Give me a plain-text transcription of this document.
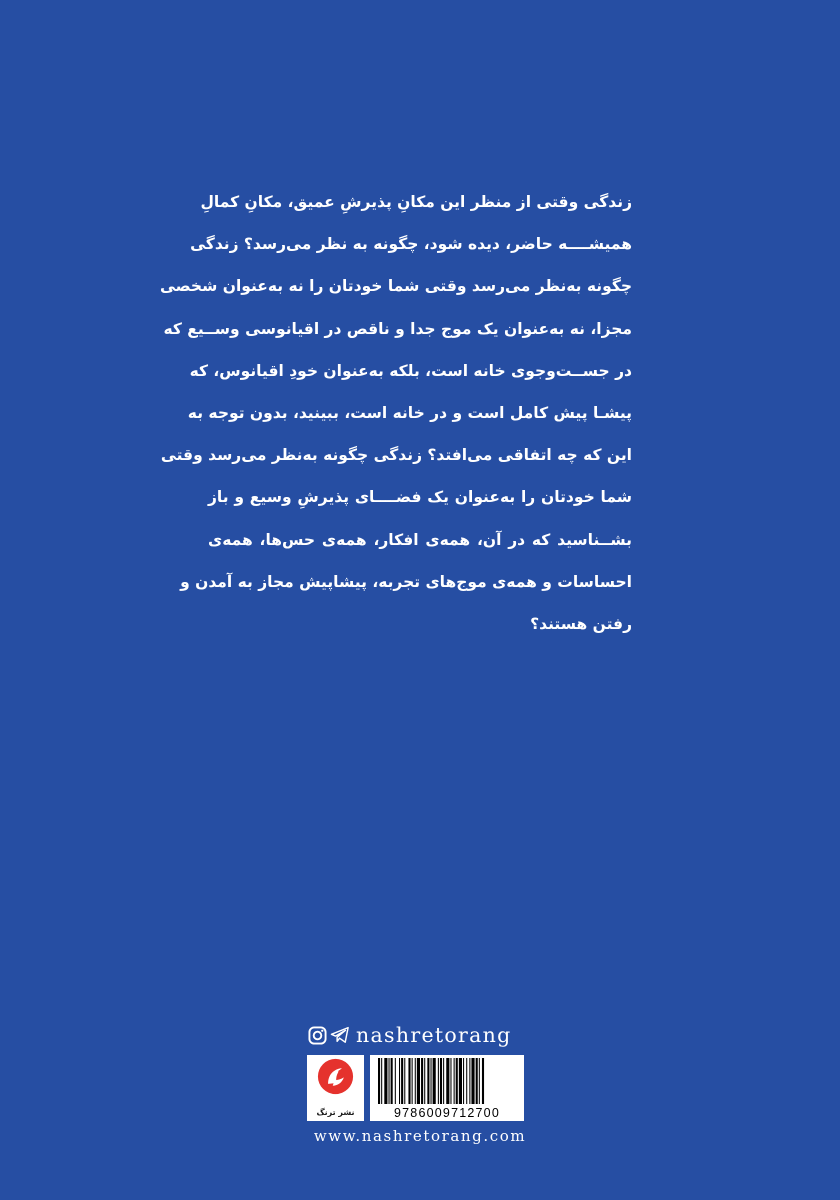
زندگی وقتی از منظر این مکانِ پذیرشِ عمیق، مکانِ کمالِ
همیشــــه حاضر، دیده شود، چگونه به نظر می‌رسد؟ زندگی
چگونه به‌نظر می‌رسد وقتی شما خودتان را نه به‌عنوان شخصی
مجزا، نه به‌عنوان یک موج جدا و ناقص در اقیانوسی وســیع که
در جســت‌وجوی خانه است، بلکه به‌عنوان خودِ اقیانوس، که
پیشـا پیش کامل است و در خانه است، ببینید، بدون توجه به
این که چه اتفاقی می‌افتد؟ زندگی چگونه به‌نظر می‌رسد وقتی
شما خودتان را به‌عنوان یک فضــــای پذیرشِ وسیع و باز
بشــناسید که در آن، همه‌ی افکار، همه‌ی حس‌ها، همه‌ی
احساسات و همه‌ی موج‌های تجربه، پیشاپیش مجاز به آمدن و
رفتن هستند؟
nashretorang
نشر ترنگ	9786009712700
www.nashretorang.com
